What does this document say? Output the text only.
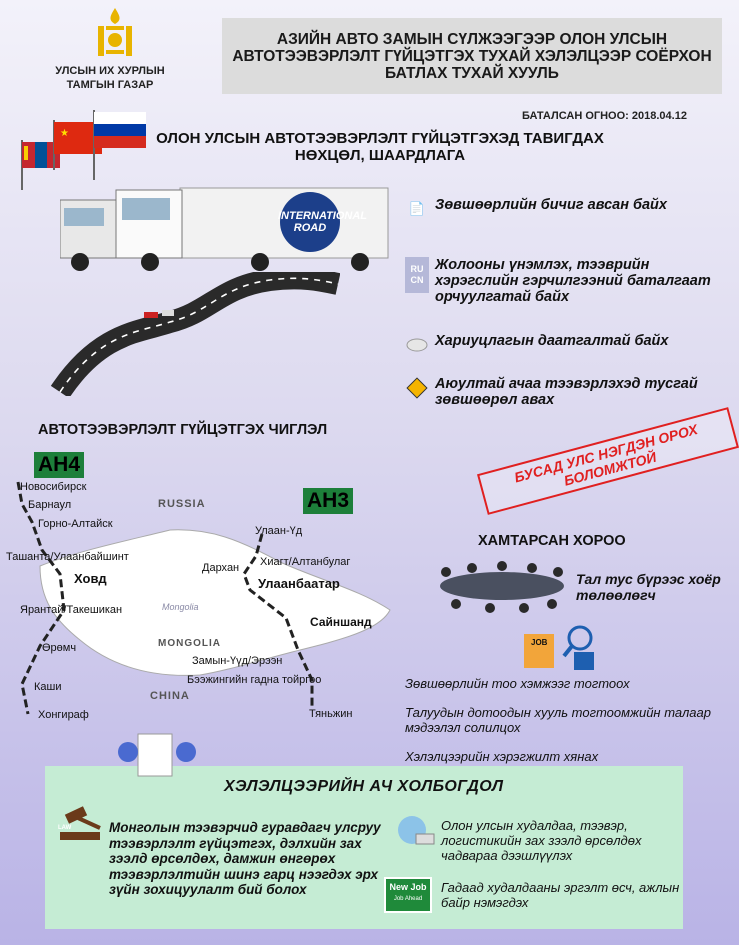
УЛСЫН ИХ ХУРЛЫН ТАМГЫН ГАЗАР
АЗИЙН АВТО ЗАМЫН СҮЛЖЭЭГЭЭР ОЛОН УЛСЫН АВТОТЭЭВЭРЛЭЛТ ГҮЙЦЭТГЭХ ТУХАЙ ХЭЛЭЛЦЭЭР СОЁРХОН БАТЛАХ ТУХАЙ ХУУЛЬ
БАТАЛСАН ОГНОО: 2018.04.12
★	ОЛОН УЛСЫН АВТОТЭЭВЭРЛЭЛТ ГҮЙЦЭТГЭХЭД ТАВИГДАХ НӨХЦӨЛ, ШААРДЛАГА
INTERNATIONAL
ROAD
📄 Зөвшөөрлийн бичиг авсан байх
RU
CN
Жолооны үнэмлэх, тээврийн хэрэгслийн гэрчилгээний баталгаат орчуулгатай байх
Хариуцлагын даатгалтай байх
Аюултай ачаа тээвэрлэхэд тусгай зөвшөөрөл авах
АВТОТЭЭВЭРЛЭЛТ ГҮЙЦЭТГЭХ ЧИГЛЭЛ
AH4
AH3
RUSSIA
MONGOLIA
CHINA
Mongolia
Новосибирск
Барнаул
Горно-Алтайск
Ташанта/Улаанбайшинт
Ховд
Ярантай/Такешикан
Өрөмч
Каши
Хонгираф
Улаан-Үд
Хиагт/Алтанбулаг
Дархан
Улаанбаатар
Сайншанд
Замын-Үүд/Эрээн
Бээжингийн гадна тойргоо
Тяньжин
БУСАД УЛС НЭГДЭН ОРОХ БОЛОМЖТОЙ
ХАМТАРСАН ХОРОО
Тал тус бүрээс хоёр төлөөлөгч
JOB
Зөвшөөрлийн тоо хэмжээг тогтоох
Талуудын дотоодын хууль тогтоомжийн талаар мэдээлэл солилцох
Хэлэлцээрийн хэрэгжилт хянах
ХЭЛЭЛЦЭЭРИЙН АЧ ХОЛБОГДОЛ
LAW	Монголын тээвэрчид гуравдагч улсруу тээвэрлэлт гүйцэтгэх, дэлхийн зах зээлд өрсөлдөх, дамжин өнгөрөх тээвэрлэлтийн шинэ гарц нээгдэх эрх зүйн зохицуулалт бий болох
Олон улсын худалдаа, тээвэр, логистикийн зах зээлд өрсөлдөх чадвараа дээшлүүлэх
New Job
Job Ahead
Гадаад худалдааны эргэлт өсч, ажлын байр нэмэгдэх
